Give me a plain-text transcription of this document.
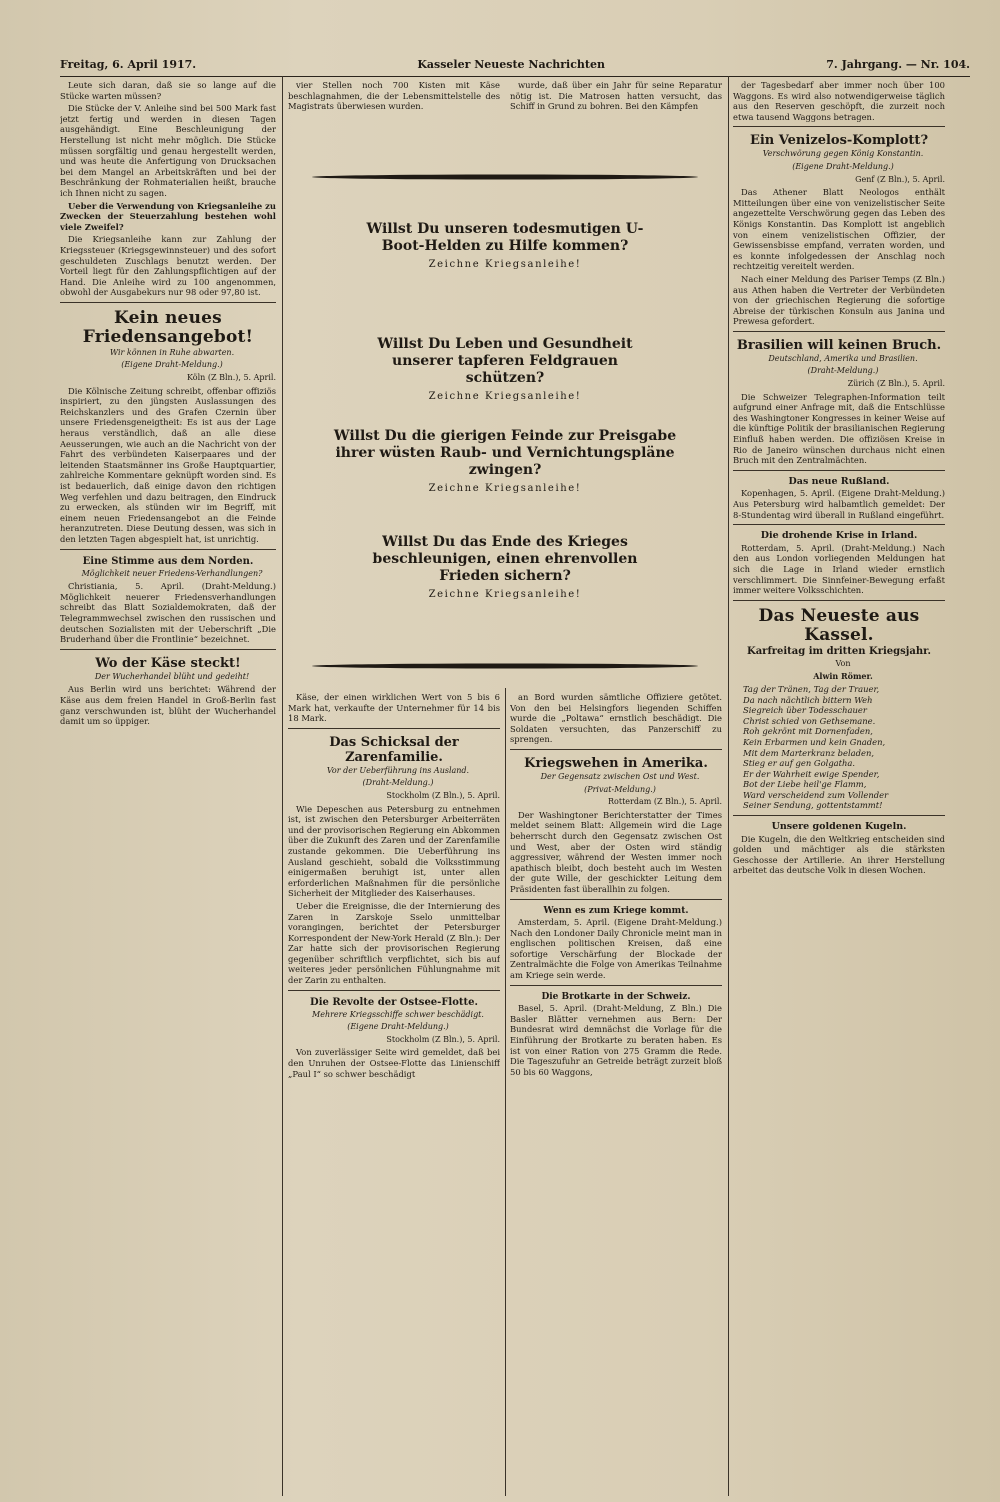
Freitag, 6. April 1917.	Kasseler Neueste Nachrichten	7. Jahrgang. — Nr. 104.

Leute sich daran, daß sie so lange auf die Stücke warten müssen?

Die Stücke der V. Anleihe sind bei 500 Mark fast jetzt fertig und werden in diesen Tagen ausgehändigt. Eine Beschleunigung der Herstellung ist nicht mehr möglich. Die Stücke müssen sorgfältig und genau hergestellt werden, und was heute die Anfertigung von Drucksachen bei dem Mangel an Arbeitskräften und bei der Beschränkung der Rohmaterialien heißt, brauche ich Ihnen nicht zu sagen.

Ueber die Verwendung von Kriegsanleihe zu Zwecken der Steuerzahlung bestehen wohl viele Zweifel?

Die Kriegsanleihe kann zur Zahlung der Kriegssteuer (Kriegsgewinnsteuer) und des sofort geschuldeten Zuschlags benutzt werden. Der Vorteil liegt für den Zahlungspflichtigen auf der Hand. Die Anleihe wird zu 100 angenommen, obwohl der Ausgabekurs nur 98 oder 97,80 ist.

Kein neues Friedensangebot!

Wir können in Ruhe abwarten.

(Eigene Draht-Meldung.)

Köln (Z Bln.), 5. April.

Die Kölnische Zeitung schreibt, offenbar offiziös inspiriert, zu den jüngsten Auslassungen des Reichskanzlers und des Grafen Czernin über unsere Friedensgeneigtheit: Es ist aus der Lage heraus verständlich, daß an alle diese Aeusserungen, wie auch an die Nachricht von der Fahrt des verbündeten Kaiserpaares und der leitenden Staatsmänner ins Große Hauptquartier, zahlreiche Kommentare geknüpft worden sind. Es ist bedauerlich, daß einige davon den richtigen Weg verfehlen und dazu beitragen, den Eindruck zu erwecken, als stünden wir im Begriff, mit einem neuen Friedensangebot an die Feinde heranzutreten. Diese Deutung dessen, was sich in den letzten Tagen abgespielt hat, ist unrichtig.

Eine Stimme aus dem Norden.

Möglichkeit neuer Friedens-Verhandlungen?

Christiania, 5. April. (Draht-Meldung.) Möglichkeit neuerer Friedensverhandlungen schreibt das Blatt Sozialdemokraten, daß der Telegrammwechsel zwischen den russischen und deutschen Sozialisten mit der Ueberschrift „Die Bruderhand über die Frontlinie“ bezeichnet.

Wo der Käse steckt!

Der Wucherhandel blüht und gedeiht!

Aus Berlin wird uns berichtet: Während der Käse aus dem freien Handel in Groß-Berlin fast ganz verschwunden ist, blüht der Wucherhandel damit um so üppiger.

vier Stellen noch 700 Kisten mit Käse beschlagnahmen, die der Lebensmittelstelle des Magistrats überwiesen wurden.

wurde, daß über ein Jahr für seine Reparatur nötig ist. Die Matrosen hatten versucht, das Schiff in Grund zu bohren. Bei den Kämpfen

Willst Du unseren todesmutigen U-Boot-Helden zu Hilfe kommen?
Zeichne Kriegsanleihe!
Willst Du Leben und Gesundheit unserer tapferen Feldgrauen schützen?
Zeichne Kriegsanleihe!
Willst Du die gierigen Feinde zur Preisgabe ihrer wüsten Raub- und Vernichtungspläne zwingen?
Zeichne Kriegsanleihe!
Willst Du das Ende des Krieges beschleunigen, einen ehrenvollen Frieden sichern?
Zeichne Kriegsanleihe!

Käse, der einen wirklichen Wert von 5 bis 6 Mark hat, verkaufte der Unternehmer für 14 bis 18 Mark.

Das Schicksal der Zarenfamilie.

Vor der Ueberführung ins Ausland.

(Draht-Meldung.)

Stockholm (Z Bln.), 5. April.

Wie Depeschen aus Petersburg zu entnehmen ist, ist zwischen den Petersburger Arbeiterräten und der provisorischen Regierung ein Abkommen über die Zukunft des Zaren und der Zarenfamilie zustande gekommen. Die Ueberführung ins Ausland geschieht, sobald die Volksstimmung einigermaßen beruhigt ist, unter allen erforderlichen Maßnahmen für die persönliche Sicherheit der Mitglieder des Kaiserhauses.

Ueber die Ereignisse, die der Internierung des Zaren in Zarskoje Sselo unmittelbar vorangingen, berichtet der Petersburger Korrespondent der New-York Herald (Z Bln.): Der Zar hatte sich der provisorischen Regierung gegenüber schriftlich verpflichtet, sich bis auf weiteres jeder persönlichen Fühlungnahme mit der Zarin zu enthalten.

Die Revolte der Ostsee-Flotte.

Mehrere Kriegsschiffe schwer beschädigt.

(Eigene Draht-Meldung.)

Stockholm (Z Bln.), 5. April.

Von zuverlässiger Seite wird gemeldet, daß bei den Unruhen der Ostsee-Flotte das Linienschiff „Paul I“ so schwer beschädigt

an Bord wurden sämtliche Offiziere getötet. Von den bei Helsingfors liegenden Schiffen wurde die „Poltawa“ ernstlich beschädigt. Die Soldaten versuchten, das Panzerschiff zu sprengen.

Kriegswehen in Amerika.

Der Gegensatz zwischen Ost und West.

(Privat-Meldung.)

Rotterdam (Z Bln.), 5. April.

Der Washingtoner Berichterstatter der Times meldet seinem Blatt: Allgemein wird die Lage beherrscht durch den Gegensatz zwischen Ost und West, aber der Osten wird ständig aggressiver, während der Westen immer noch apathisch bleibt, doch besteht auch im Westen der gute Wille, der geschickter Leitung dem Präsidenten fast überallhin zu folgen.

Wenn es zum Kriege kommt.

Amsterdam, 5. April. (Eigene Draht-Meldung.) Nach den Londoner Daily Chronicle meint man in englischen politischen Kreisen, daß eine sofortige Verschärfung der Blockade der Zentralmächte die Folge von Amerikas Teilnahme am Kriege sein werde.

Die Brotkarte in der Schweiz.

Basel, 5. April. (Draht-Meldung, Z Bln.) Die Basler Blätter vernehmen aus Bern: Der Bundesrat wird demnächst die Vorlage für die Einführung der Brotkarte zu beraten haben. Es ist von einer Ration von 275 Gramm die Rede. Die Tageszufuhr an Getreide beträgt zurzeit bloß 50 bis 60 Waggons,

der Tagesbedarf aber immer noch über 100 Waggons. Es wird also notwendigerweise täglich aus den Reserven geschöpft, die zurzeit noch etwa tausend Waggons betragen.

Ein Venizelos-Komplott?

Verschwörung gegen König Konstantin.

(Eigene Draht-Meldung.)

Genf (Z Bln.), 5. April.

Das Athener Blatt Neologos enthält Mitteilungen über eine von venizelistischer Seite angezettelte Verschwörung gegen das Leben des Königs Konstantin. Das Komplott ist angeblich von einem venizelistischen Offizier, der Gewissensbisse empfand, verraten worden, und es konnte infolgedessen der Anschlag noch rechtzeitig vereitelt werden.

Nach einer Meldung des Pariser Temps (Z Bln.) aus Athen haben die Vertreter der Verbündeten von der griechischen Regierung die sofortige Abreise der türkischen Konsuln aus Janina und Prewesa gefordert.

Brasilien will keinen Bruch.

Deutschland, Amerika und Brasilien.

(Draht-Meldung.)

Zürich (Z Bln.), 5. April.

Die Schweizer Telegraphen-Information teilt aufgrund einer Anfrage mit, daß die Entschlüsse des Washingtoner Kongresses in keiner Weise auf die künftige Politik der brasilianischen Regierung Einfluß haben werden. Die offiziösen Kreise in Rio de Janeiro wünschen durchaus nicht einen Bruch mit den Zentralmächten.

Das neue Rußland.

Kopenhagen, 5. April. (Eigene Draht-Meldung.) Aus Petersburg wird halbamtlich gemeldet: Der 8-Stundentag wird überall in Rußland eingeführt.

Die drohende Krise in Irland.

Rotterdam, 5. April. (Draht-Meldung.) Nach den aus London vorliegenden Meldungen hat sich die Lage in Irland wieder ernstlich verschlimmert. Die Sinnfeiner-Bewegung erfaßt immer weitere Volksschichten.

Das Neueste aus Kassel.
Karfreitag im dritten Kriegsjahr.

Von

Alwin Römer.

Tag der Tränen, Tag der Trauer,
Da nach nächtlich bittern Weh
Siegreich über Todesschauer
Christ schied von Gethsemane.
Roh gekrönt mit Dornenfaden,
Kein Erbarmen und kein Gnaden,
Mit dem Marterkranz beladen,
Stieg er auf gen Golgatha.
Er der Wahrheit ewige Spender,
Bot der Liebe heil'ge Flamm,
Ward verscheidend zum Vollender
Seiner Sendung, gottentstammt!
Unsere goldenen Kugeln.

Die Kugeln, die den Weltkrieg entscheiden sind golden und mächtiger als die stärksten Geschosse der Artillerie. An ihrer Herstellung arbeitet das deutsche Volk in diesen Wochen.
